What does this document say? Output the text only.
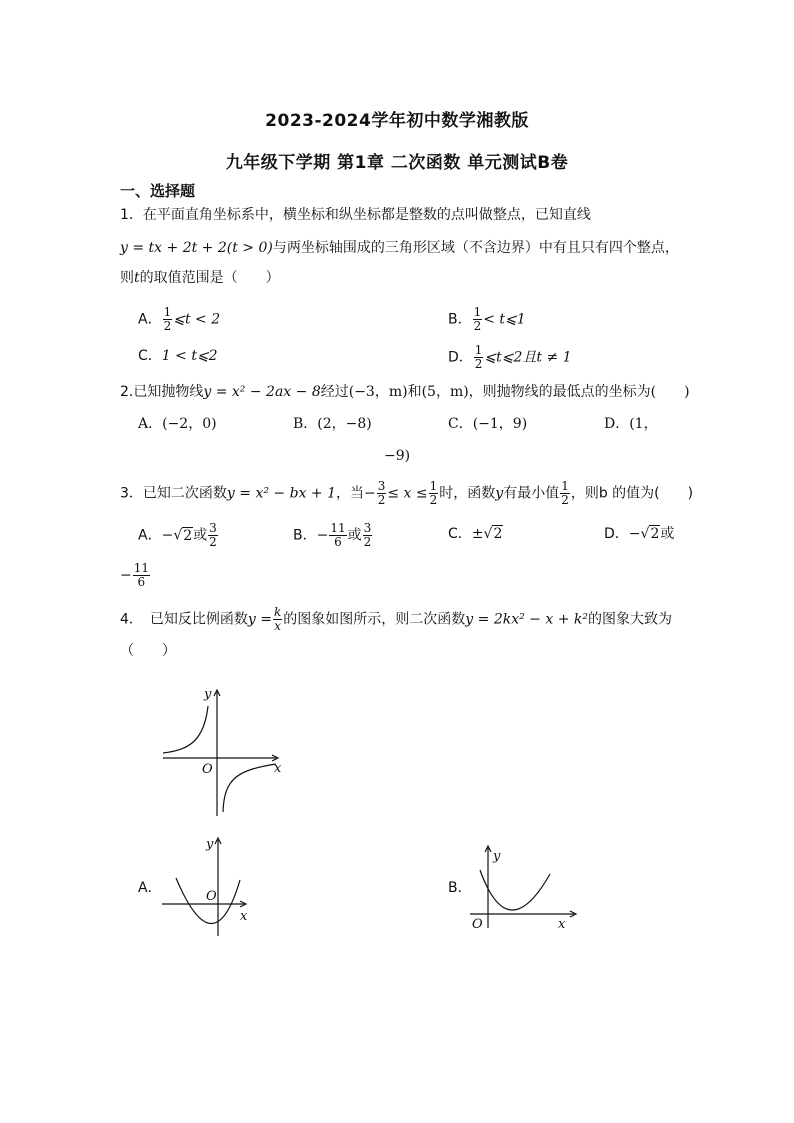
2023-2024学年初中数学湘教版
九年级下学期 第1章 二次函数 单元测试B卷
一、选择题
1．在平面直角坐标系中，横坐标和纵坐标都是整数的点叫做整点，已知直线
y = tx + 2t + 2(t > 0)与两坐标轴围成的三角形区域（不含边界）中有且只有四个整点，
则t的取值范围是（　　）
A． $\frac{1}{2}$ ⩽t < 2	B． $\frac{1}{2}$ < t⩽1
C．1 < t⩽2	D． $\frac{1}{2}$ ⩽t⩽2且t ≠ 1
2.已知抛物线y = x² − 2ax − 8经过(−3，m)和(5，m)，则抛物线的最低点的坐标为(　　)
A．(−2，0)	B．(2，−8)	C．(−1，9)	D．(1，
−9)
3．已知二次函数y = x² − bx + 1，当− $\frac{3}{2} \le x \le \frac{1}{2}$ 时，函数y有最小值 $\frac{1}{2}$ ，则b 的值为(　　)
A．−√2或 $\frac{3}{2}$	B．− $\frac{11}{6}$ 或 $\frac{3}{2}$	C．±√2	D．−√2或
− $\frac{11}{6}$
4．　已知反比例函数$y = \frac{k}{x}$ 的图象如图所示，则二次函数y = 2kx² − x + k²的图象大致为
（　　）
y
x
O
A．
y
x
O
B．
y
x
O
